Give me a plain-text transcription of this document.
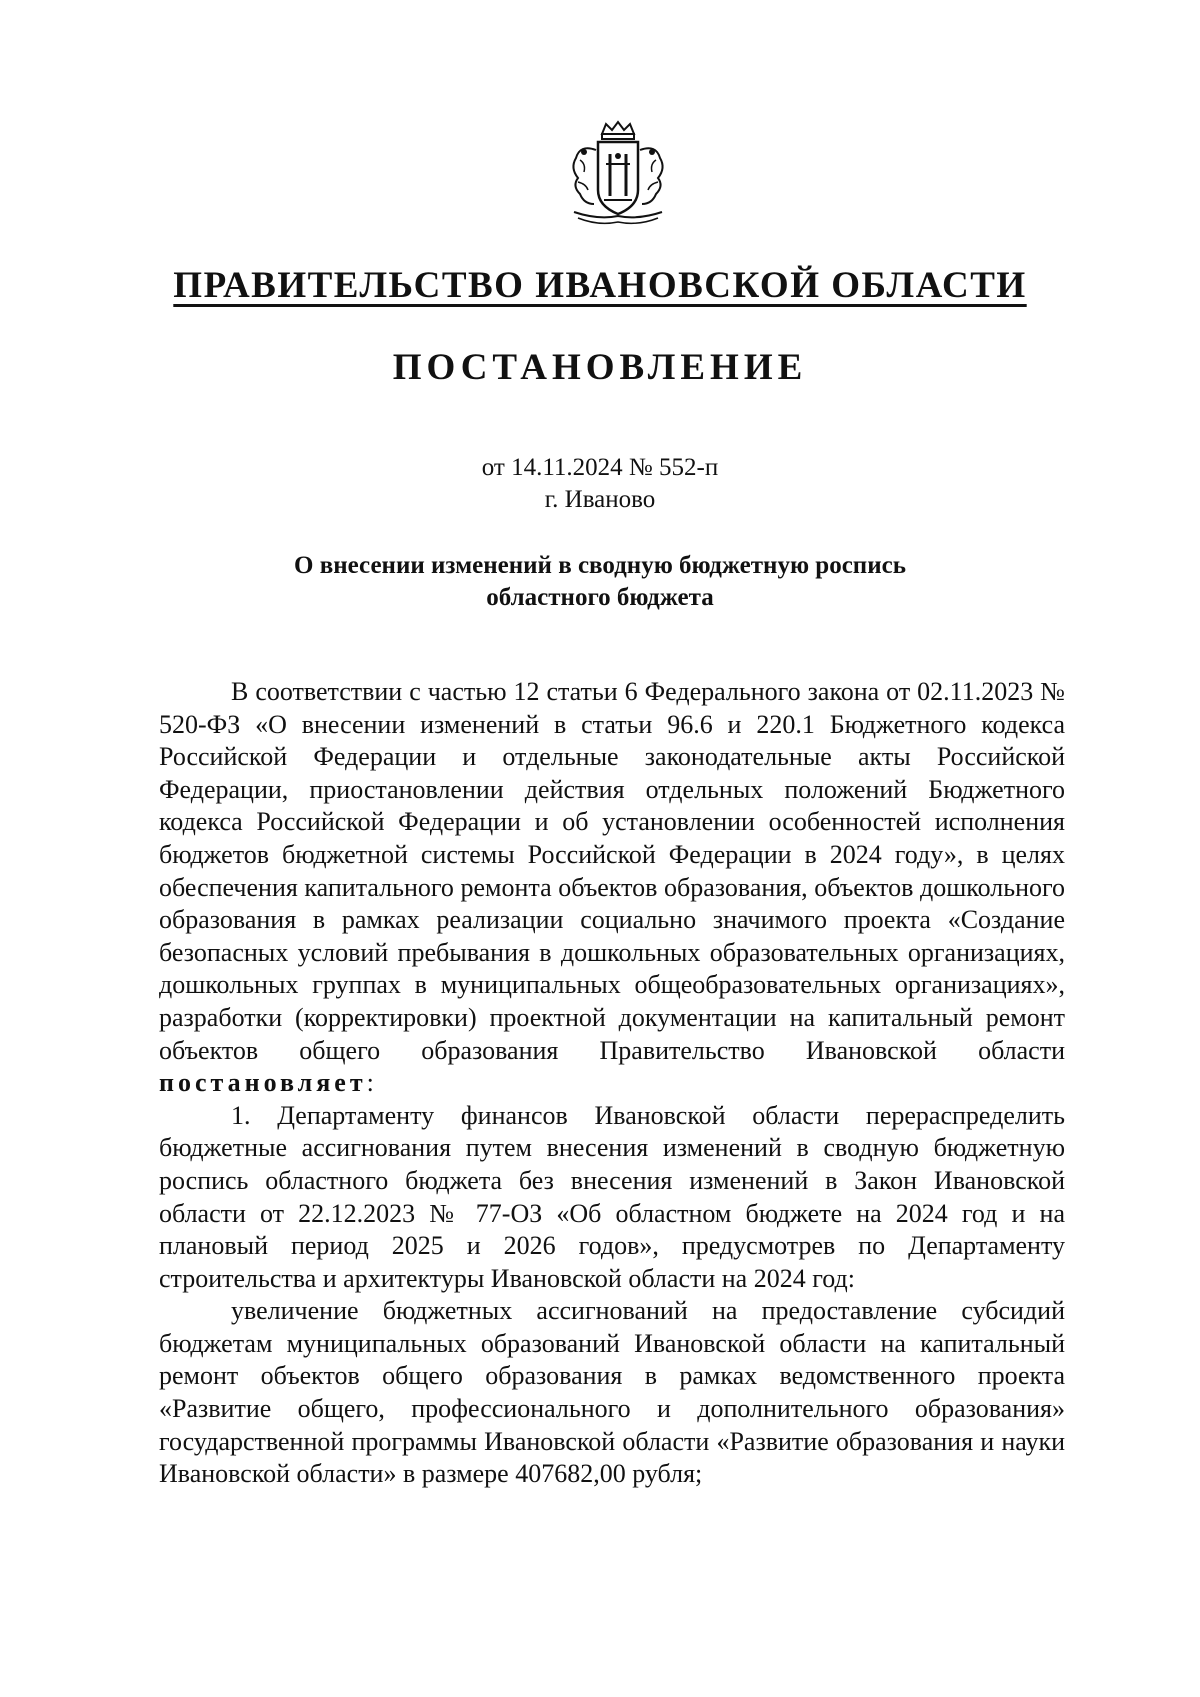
ПРАВИТЕЛЬСТВО ИВАНОВСКОЙ ОБЛАСТИ
ПОСТАНОВЛЕНИЕ
от 14.11.2024 № 552-п
г. Иваново
О внесении изменений в сводную бюджетную роспись
областного бюджета

В соответствии с частью 12 статьи 6 Федерального закона от 02.11.2023 № 520-ФЗ «О внесении изменений в статьи 96.6 и 220.1 Бюджетного кодекса Российской Федерации и отдельные законодательные акты Российской Федерации, приостановлении действия отдельных положений Бюджетного кодекса Российской Федерации и об установлении особенностей исполнения бюджетов бюджетной системы Российской Федерации в 2024 году», в целях обеспечения капитального ремонта объектов образования, объектов дошкольного образования в рамках реализации социально значимого проекта «Создание безопасных условий пребывания в дошкольных образовательных организациях, дошкольных группах в муниципальных общеобразовательных организациях», разработки (корректировки) проектной документации на капитальный ремонт объектов общего образования Правительство Ивановской области постановляет:

1. Департаменту финансов Ивановской области перераспределить бюджетные ассигнования путем внесения изменений в сводную бюджетную роспись областного бюджета без внесения изменений в Закон Ивановской области от 22.12.2023 № 77-ОЗ «Об областном бюджете на 2024 год и на плановый период 2025 и 2026 годов», предусмотрев по Департаменту строительства и архитектуры Ивановской области на 2024 год:

увеличение бюджетных ассигнований на предоставление субсидий бюджетам муниципальных образований Ивановской области на капитальный ремонт объектов общего образования в рамках ведомственного проекта «Развитие общего, профессионального и дополнительного образования» государственной программы Ивановской области «Развитие образования и науки Ивановской области» в размере 407682,00 рубля;
